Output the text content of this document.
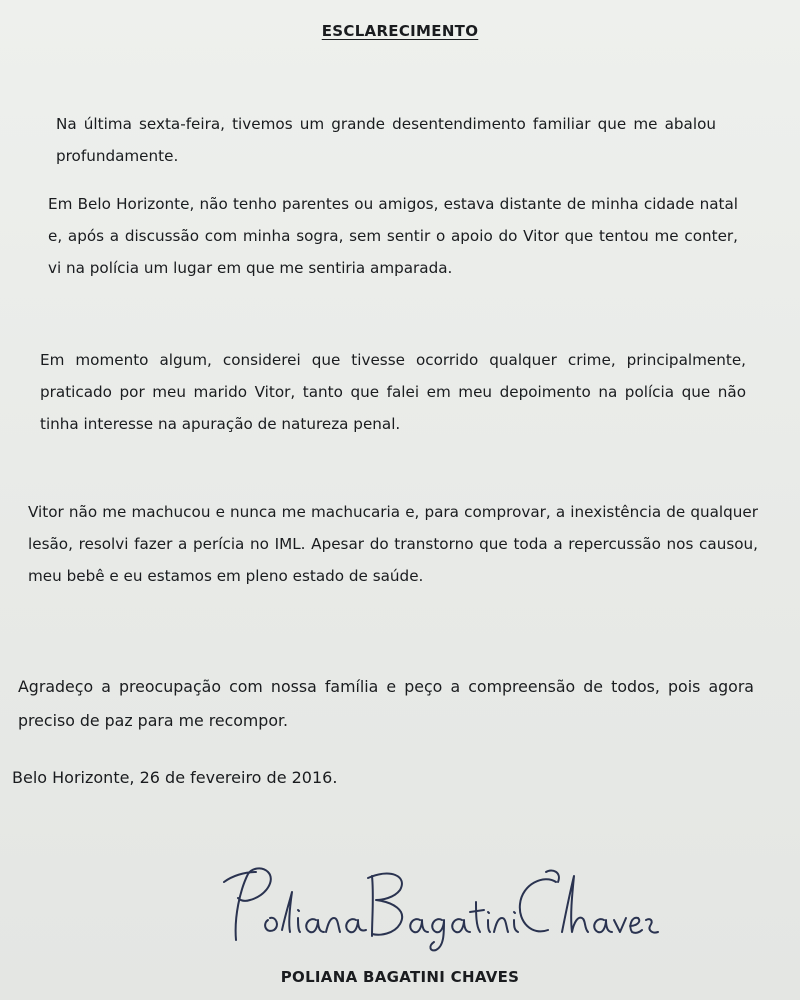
ESCLARECIMENTO

Na última sexta-feira, tivemos um grande desentendimento familiar que me abalou profundamente.

Em Belo Horizonte, não tenho parentes ou amigos, estava distante de minha cidade natal e, após a discussão com minha sogra, sem sentir o apoio do Vitor que tentou me conter, vi na polícia um lugar em que me sentiria amparada.

Em momento algum, considerei que tivesse ocorrido qualquer crime, principalmente, praticado por meu marido Vitor, tanto que falei em meu depoimento na polícia que não tinha interesse na apuração de natureza penal.

Vitor não me machucou e nunca me machucaria e, para comprovar, a inexistência de qualquer lesão, resolvi fazer a perícia no IML. Apesar do transtorno que toda a repercussão nos causou, meu bebê e eu estamos em pleno estado de saúde.

Agradeço a preocupação com nossa família e peço a compreensão de todos, pois agora preciso de paz para me recompor.

Belo Horizonte, 26 de fevereiro de 2016.

POLIANA BAGATINI CHAVES
